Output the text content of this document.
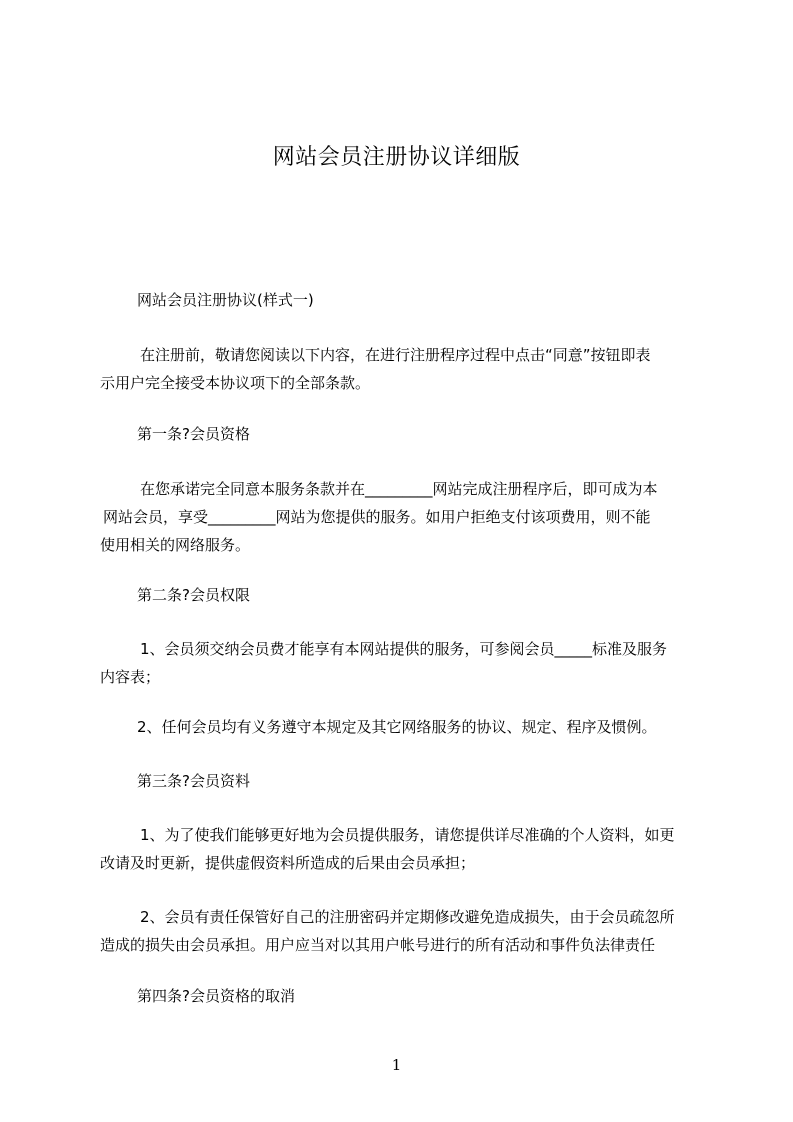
网站会员注册协议详细版
网站会员注册协议(样式一)
在注册前，敬请您阅读以下内容，在进行注册程序过程中点击“同意”按钮即表
示用户完全接受本协议项下的全部条款。
第一条?会员资格
在您承诺完全同意本服务条款并在_________网站完成注册程序后，即可成为本
网站会员，享受_________网站为您提供的服务。如用户拒绝支付该项费用，则不能
使用相关的网络服务。
第二条?会员权限
1、会员须交纳会员费才能享有本网站提供的服务，可参阅会员_____标准及服务
内容表；
2、任何会员均有义务遵守本规定及其它网络服务的协议、规定、程序及惯例。
第三条?会员资料
1、为了使我们能够更好地为会员提供服务，请您提供详尽准确的个人资料，如更
改请及时更新，提供虚假资料所造成的后果由会员承担；
2、会员有责任保管好自己的注册密码并定期修改避免造成损失，由于会员疏忽所
造成的损失由会员承担。用户应当对以其用户帐号进行的所有活动和事件负法律责任
第四条?会员资格的取消
1
